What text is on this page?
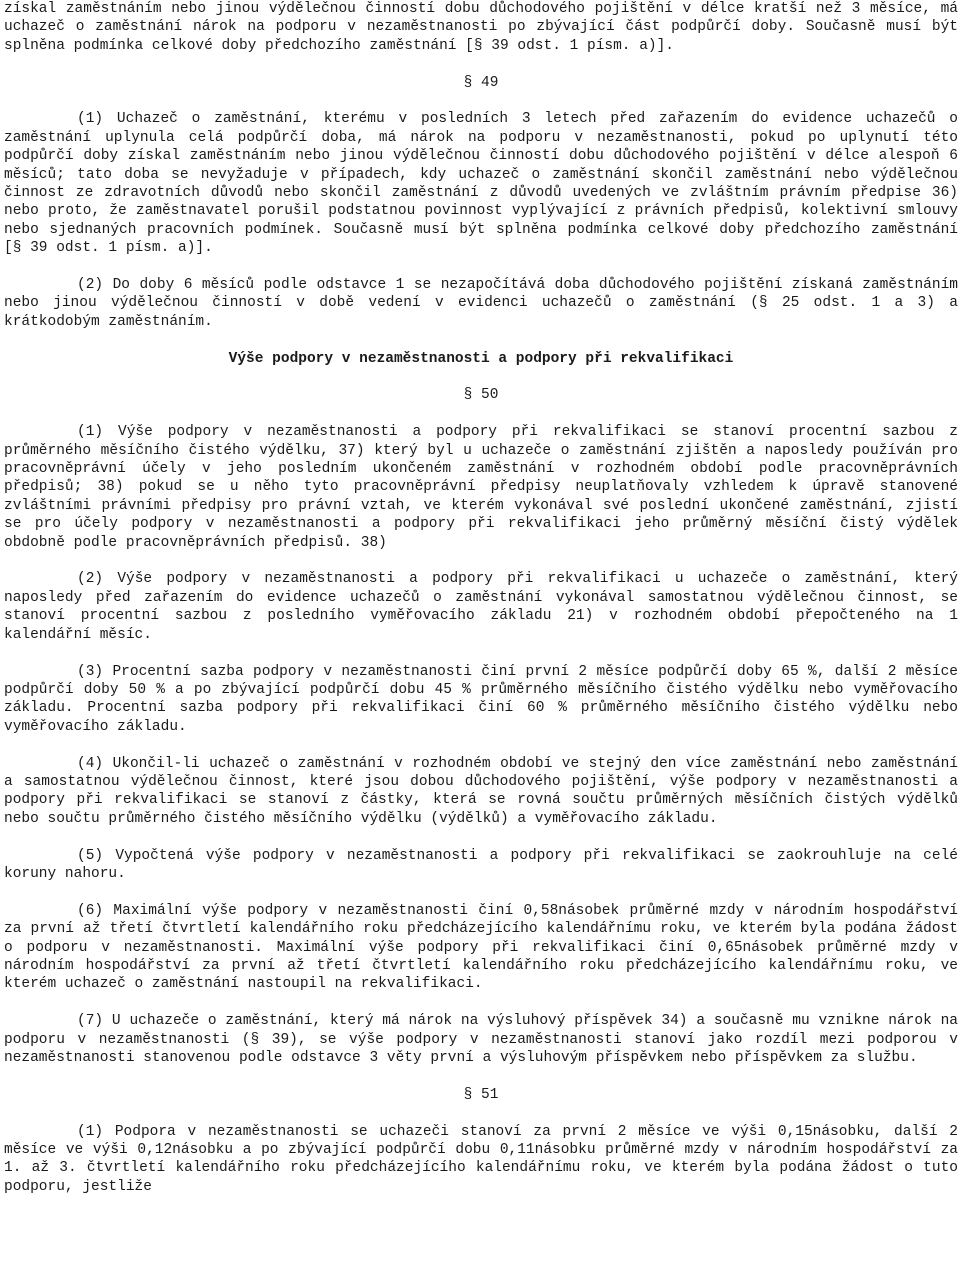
získal zaměstnáním nebo jinou výdělečnou činností dobu důchodového pojištění v délce kratší než 3 měsíce, má uchazeč o zaměstnání nárok na podporu v nezaměstnanosti po zbývající část podpůrčí doby. Současně musí být splněna podmínka celkové doby předchozího zaměstnání [§ 39 odst. 1 písm. a)].

§ 49

(1) Uchazeč o zaměstnání, kterému v posledních 3 letech před zařazením do evidence uchazečů o zaměstnání uplynula celá podpůrčí doba, má nárok na podporu v nezaměstnanosti, pokud po uplynutí této podpůrčí doby získal zaměstnáním nebo jinou výdělečnou činností dobu důchodového pojištění v délce alespoň 6 měsíců; tato doba se nevyžaduje v případech, kdy uchazeč o zaměstnání skončil zaměstnání nebo výdělečnou činnost ze zdravotních důvodů nebo skončil zaměstnání z důvodů uvedených ve zvláštním právním předpise 36) nebo proto, že zaměstnavatel porušil podstatnou povinnost vyplývající z právních předpisů, kolektivní smlouvy nebo sjednaných pracovních podmínek. Současně musí být splněna podmínka celkové doby předchozího zaměstnání [§ 39 odst. 1 písm. a)].

(2) Do doby 6 měsíců podle odstavce 1 se nezapočítává doba důchodového pojištění získaná zaměstnáním nebo jinou výdělečnou činností v době vedení v evidenci uchazečů o zaměstnání (§ 25 odst. 1 a 3) a krátkodobým zaměstnáním.

Výše podpory v nezaměstnanosti a podpory při rekvalifikaci

§ 50

(1) Výše podpory v nezaměstnanosti a podpory při rekvalifikaci se stanoví procentní sazbou z průměrného měsíčního čistého výdělku, 37) který byl u uchazeče o zaměstnání zjištěn a naposledy používán pro pracovněprávní účely v jeho posledním ukončeném zaměstnání v rozhodném období podle pracovněprávních předpisů; 38) pokud se u něho tyto pracovněprávní předpisy neuplatňovaly vzhledem k úpravě stanovené zvláštními právními předpisy pro právní vztah, ve kterém vykonával své poslední ukončené zaměstnání, zjistí se pro účely podpory v nezaměstnanosti a podpory při rekvalifikaci jeho průměrný měsíční čistý výdělek obdobně podle pracovněprávních předpisů. 38)

(2) Výše podpory v nezaměstnanosti a podpory při rekvalifikaci u uchazeče o zaměstnání, který naposledy před zařazením do evidence uchazečů o zaměstnání vykonával samostatnou výdělečnou činnost, se stanoví procentní sazbou z posledního vyměřovacího základu 21) v rozhodném období přepočteného na 1 kalendářní měsíc.

(3) Procentní sazba podpory v nezaměstnanosti činí první 2 měsíce podpůrčí doby 65 %, další 2 měsíce podpůrčí doby 50 % a po zbývající podpůrčí dobu 45 % průměrného měsíčního čistého výdělku nebo vyměřovacího základu. Procentní sazba podpory při rekvalifikaci činí 60 % průměrného měsíčního čistého výdělku nebo vyměřovacího základu.

(4) Ukončil-li uchazeč o zaměstnání v rozhodném období ve stejný den více zaměstnání nebo zaměstnání a samostatnou výdělečnou činnost, které jsou dobou důchodového pojištění, výše podpory v nezaměstnanosti a podpory při rekvalifikaci se stanoví z částky, která se rovná součtu průměrných měsíčních čistých výdělků nebo součtu průměrného čistého měsíčního výdělku (výdělků) a vyměřovacího základu.

(5) Vypočtená výše podpory v nezaměstnanosti a podpory při rekvalifikaci se zaokrouhluje na celé koruny nahoru.

(6) Maximální výše podpory v nezaměstnanosti činí 0,58násobek průměrné mzdy v národním hospodářství za první až třetí čtvrtletí kalendářního roku předcházejícího kalendářnímu roku, ve kterém byla podána žádost o podporu v nezaměstnanosti. Maximální výše podpory při rekvalifikaci činí 0,65násobek průměrné mzdy v národním hospodářství za první až třetí čtvrtletí kalendářního roku předcházejícího kalendářnímu roku, ve kterém uchazeč o zaměstnání nastoupil na rekvalifikaci.

(7) U uchazeče o zaměstnání, který má nárok na výsluhový příspěvek 34) a současně mu vznikne nárok na podporu v nezaměstnanosti (§ 39), se výše podpory v nezaměstnanosti stanoví jako rozdíl mezi podporou v nezaměstnanosti stanovenou podle odstavce 3 věty první a výsluhovým příspěvkem nebo příspěvkem za službu.

§ 51

(1) Podpora v nezaměstnanosti se uchazeči stanoví za první 2 měsíce ve výši 0,15násobku, další 2 měsíce ve výši 0,12násobku a po zbývající podpůrčí dobu 0,11násobku průměrné mzdy v národním hospodářství za 1. až 3. čtvrtletí kalendářního roku předcházejícího kalendářnímu roku, ve kterém byla podána žádost o tuto podporu, jestliže
